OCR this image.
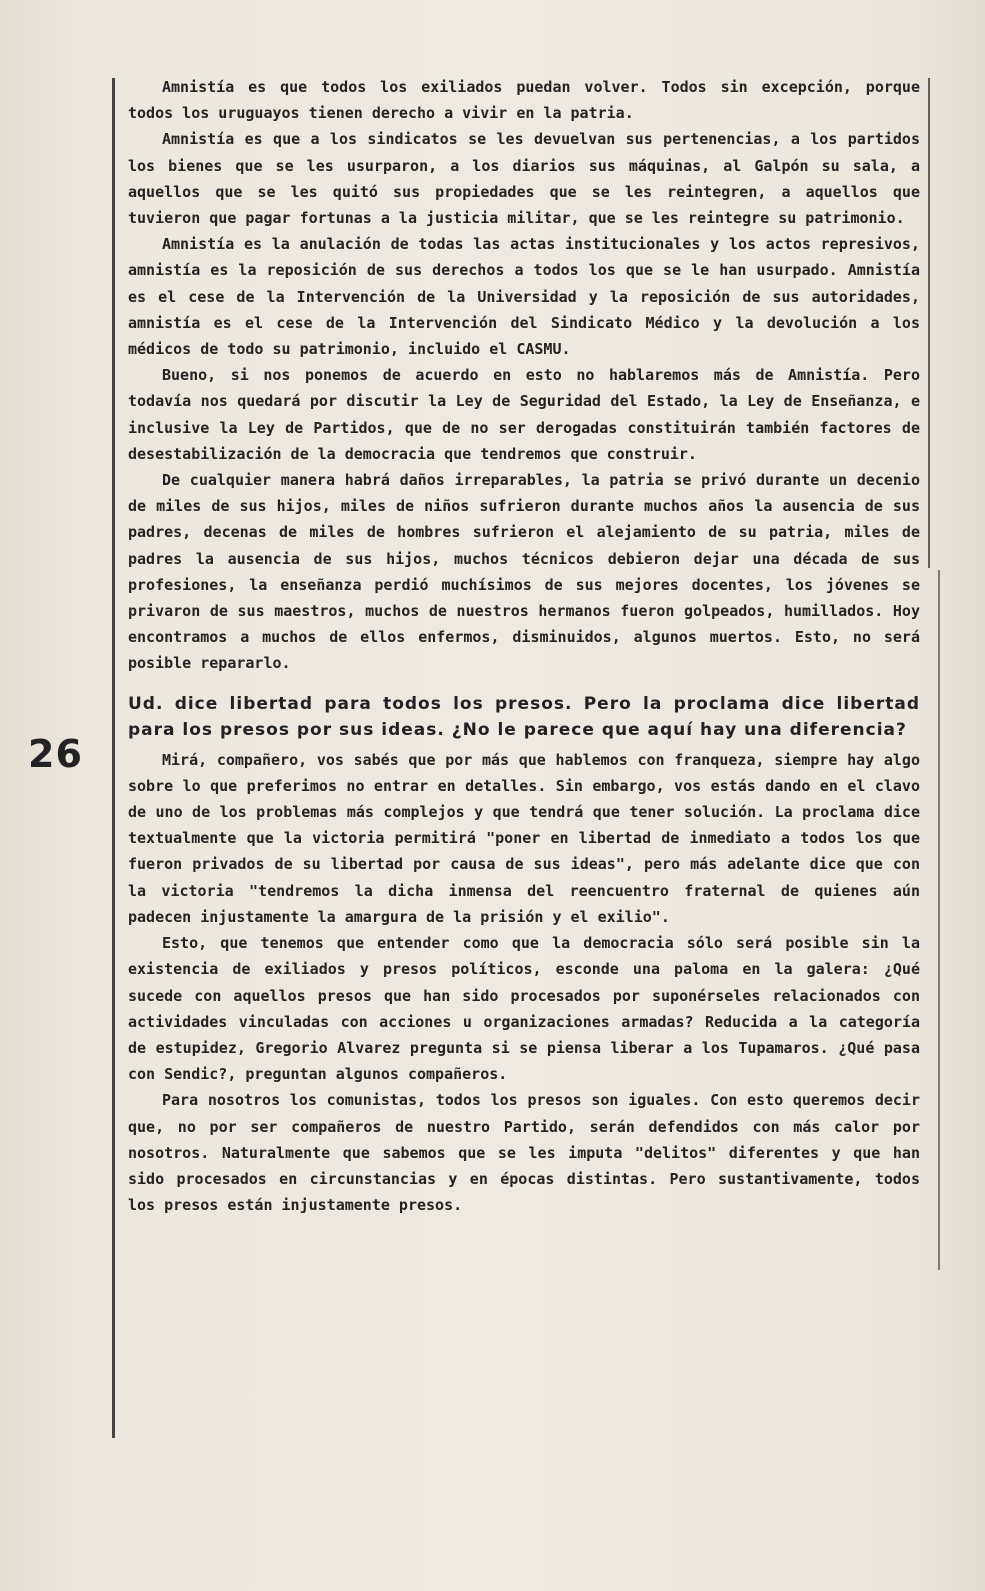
26

Amnistía es que todos los exiliados puedan volver. Todos sin excepción, porque todos los uruguayos tienen derecho a vivir en la patria.

Amnistía es que a los sindicatos se les devuelvan sus pertenencias, a los partidos los bienes que se les usurparon, a los diarios sus máquinas, al Galpón su sala, a aquellos que se les quitó sus propiedades que se les reintegren, a aquellos que tuvieron que pagar fortunas a la justicia militar, que se les reintegre su patrimonio.

Amnistía es la anulación de todas las actas institucionales y los actos represivos, amnistía es la reposición de sus derechos a todos los que se le han usurpado. Amnistía es el cese de la Intervención de la Universidad y la reposición de sus autoridades, amnistía es el cese de la Intervención del Sindicato Médico y la devolución a los médicos de todo su patrimonio, incluido el CASMU.

Bueno, si nos ponemos de acuerdo en esto no hablaremos más de Amnistía. Pero todavía nos quedará por discutir la Ley de Seguridad del Estado, la Ley de Enseñanza, e inclusive la Ley de Partidos, que de no ser derogadas constituirán también factores de desestabilización de la democracia que tendremos que construir.

De cualquier manera habrá daños irreparables, la patria se privó durante un decenio de miles de sus hijos, miles de niños sufrieron durante muchos años la ausencia de sus padres, decenas de miles de hombres sufrieron el alejamiento de su patria, miles de padres la ausencia de sus hijos, muchos técnicos debieron dejar una década de sus profesiones, la enseñanza perdió muchísimos de sus mejores docentes, los jóvenes se privaron de sus maestros, muchos de nuestros hermanos fueron golpeados, humillados. Hoy encontramos a muchos de ellos enfermos, disminuidos, algunos muertos. Esto, no será posible repararlo.

Ud. dice libertad para todos los presos. Pero la proclama dice libertad para los presos por sus ideas. ¿No le parece que aquí hay una diferencia?

Mirá, compañero, vos sabés que por más que hablemos con franqueza, siempre hay algo sobre lo que preferimos no entrar en detalles. Sin embargo, vos estás dando en el clavo de uno de los problemas más complejos y que tendrá que tener solución. La proclama dice textualmente que la victoria permitirá "poner en libertad de inmediato a todos los que fueron privados de su libertad por causa de sus ideas", pero más adelante dice que con la victoria "tendremos la dicha inmensa del reencuentro fraternal de quienes aún padecen injustamente la amargura de la prisión y el exilio".

Esto, que tenemos que entender como que la democracia sólo será posible sin la existencia de exiliados y presos políticos, esconde una paloma en la galera: ¿Qué sucede con aquellos presos que han sido procesados por suponérseles relacionados con actividades vinculadas con acciones u organizaciones armadas? Reducida a la categoría de estupidez, Gregorio Alvarez pregunta si se piensa liberar a los Tupamaros. ¿Qué pasa con Sendic?, preguntan algunos compañeros.

Para nosotros los comunistas, todos los presos son iguales. Con esto queremos decir que, no por ser compañeros de nuestro Partido, serán defendidos con más calor por nosotros. Naturalmente que sabemos que se les imputa "delitos" diferentes y que han sido procesados en circunstancias y en épocas distintas. Pero sustantivamente, todos los presos están injustamente presos.
